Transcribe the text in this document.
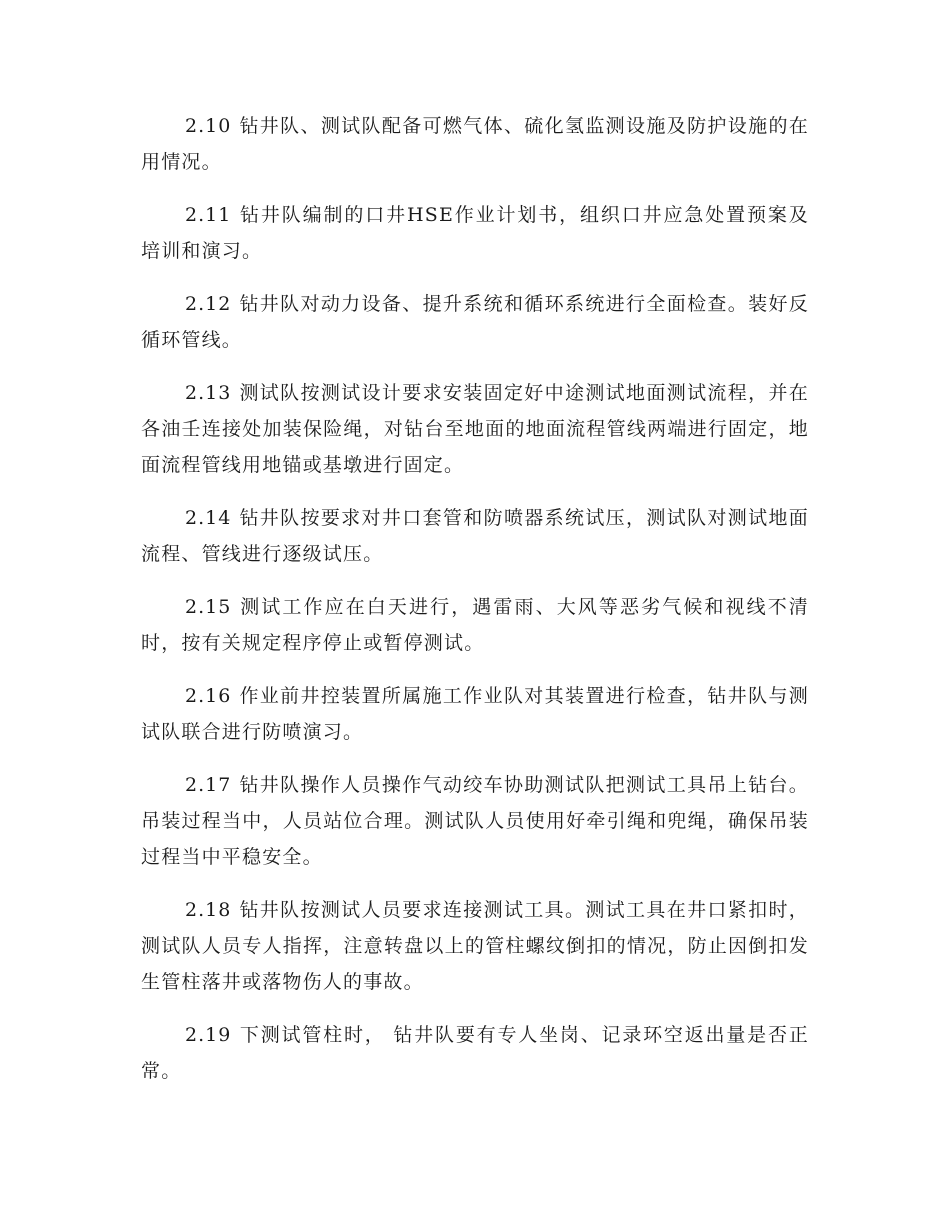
2.10 钻井队、测试队配备可燃气体、硫化氢监测设施及防护设施的在用情况。

2.11 钻井队编制的口井HSE作业计划书，组织口井应急处置预案及培训和演习。

2.12 钻井队对动力设备、提升系统和循环系统进行全面检查。装好反循环管线。

2.13 测试队按测试设计要求安装固定好中途测试地面测试流程，并在各油壬连接处加装保险绳，对钻台至地面的地面流程管线两端进行固定，地面流程管线用地锚或基墩进行固定。

2.14 钻井队按要求对井口套管和防喷器系统试压，测试队对测试地面流程、管线进行逐级试压。

2.15 测试工作应在白天进行，遇雷雨、大风等恶劣气候和视线不清时，按有关规定程序停止或暂停测试。

2.16 作业前井控装置所属施工作业队对其装置进行检查，钻井队与测试队联合进行防喷演习。

2.17 钻井队操作人员操作气动绞车协助测试队把测试工具吊上钻台。吊装过程当中，人员站位合理。测试队人员使用好牵引绳和兜绳，确保吊装过程当中平稳安全。

2.18 钻井队按测试人员要求连接测试工具。测试工具在井口紧扣时，测试队人员专人指挥，注意转盘以上的管柱螺纹倒扣的情况，防止因倒扣发生管柱落井或落物伤人的事故。

2.19 下测试管柱时， 钻井队要有专人坐岗、记录环空返出量是否正常。
